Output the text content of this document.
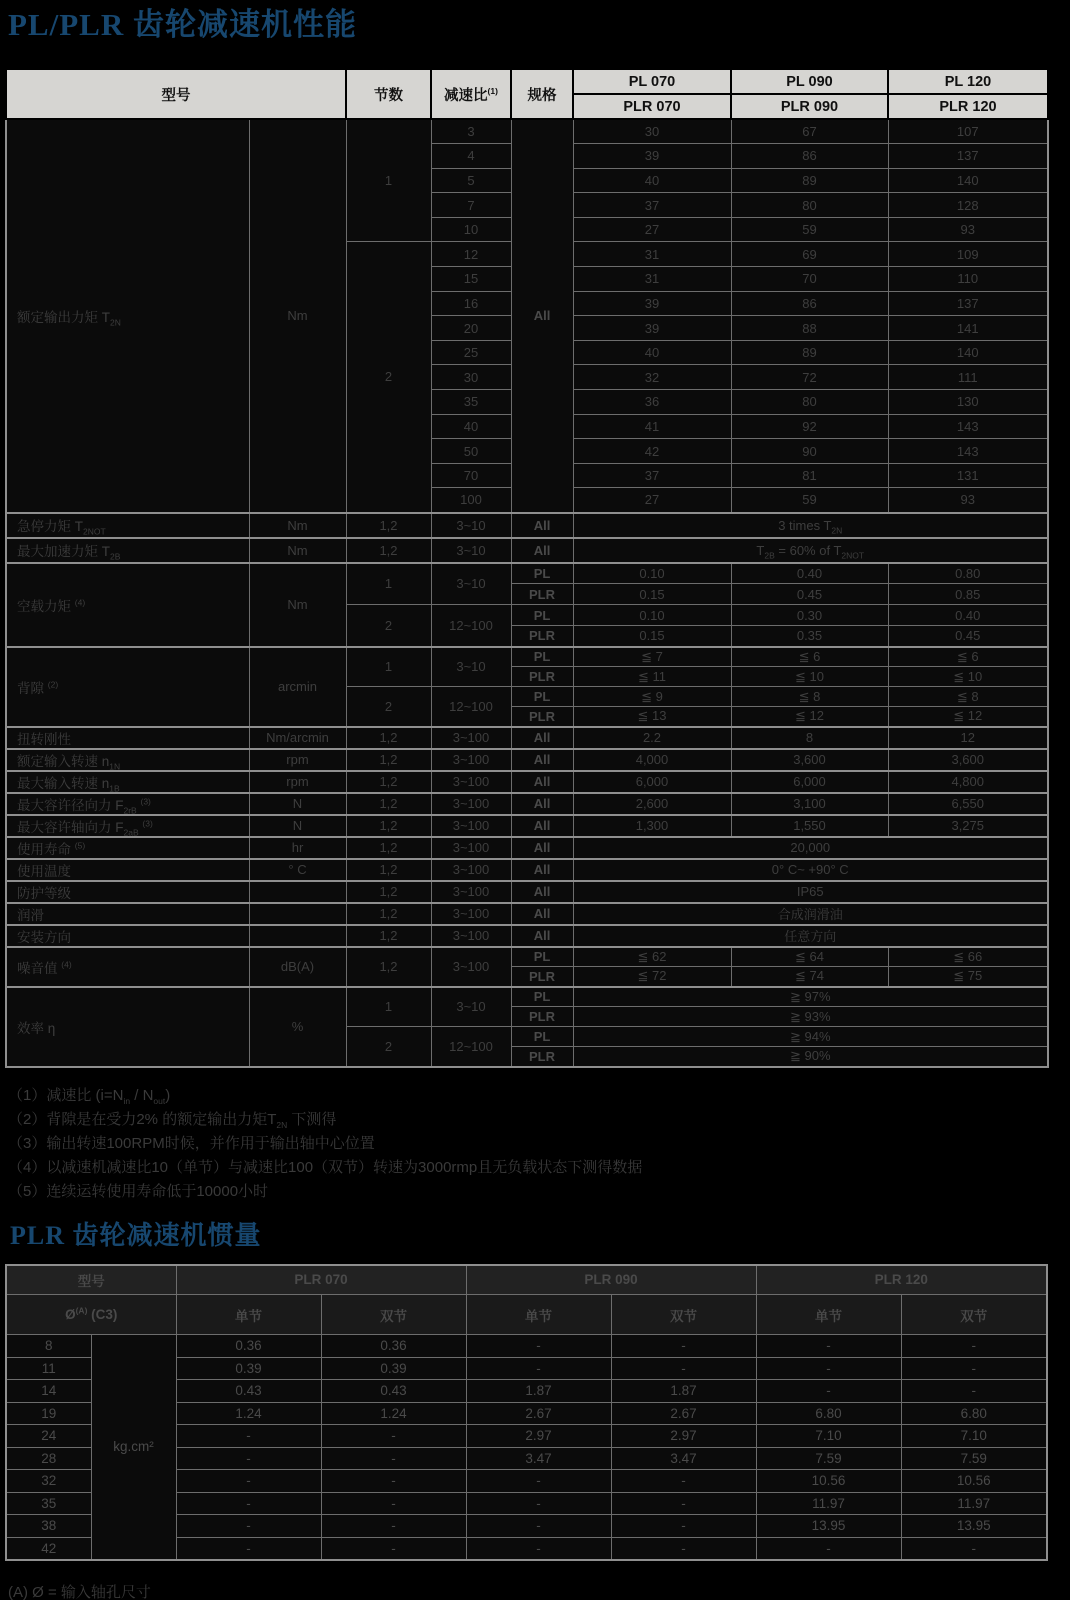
PL/PLR 齿轮减速机性能
型号		节数	减速比$^{(1)}$	规格	PL 070	PL 090	PL 120
					PLR 070	PLR 090	PLR 120
额定输出力矩 $T_{2N}$	Nm	1	3	All	30	67	107
			4		39	86	137
			5		40	89	140
			7		37	80	128
			10		27	59	93
		2	12		31	69	109
			15		31	70	110
			16		39	86	137
			20		39	88	141
			25		40	89	140
			30		32	72	111
			35		36	80	130
			40		41	92	143
			50		42	90	143
			70		37	81	131
			100		27	59	93
急停力矩 $T_{2NOT}$	Nm	1,2	3~10	All	3 times $T_{2N}$
最大加速力矩 $T_{2B}$	Nm	1,2	3~10	All	$T_{2B} = 60\%$ of $T_{2NOT}$
空载力矩 $^{(4)}$	Nm	1	3~10	PL	0.10	0.40	0.80
				PLR	0.15	0.45	0.85
		2	12~100	PL	0.10	0.30	0.40
				PLR	0.15	0.35	0.45
背隙 $^{(2)}$	arcmin	1	3~10	PL	≦ 7	≦ 6	≦ 6
				PLR	≦ 11	≦ 10	≦ 10
		2	12~100	PL	≦ 9	≦ 8	≦ 8
				PLR	≦ 13	≦ 12	≦ 12
扭转刚性	Nm/arcmin	1,2	3~100	All	2.2	8	12
额定输入转速 $n_{1N}$	rpm	1,2	3~100	All	4,000	3,600	3,600
最大输入转速 $n_{1B}$	rpm	1,2	3~100	All	6,000	6,000	4,800
最大容许径向力 $F_{2rB}$ $^{(3)}$	N	1,2	3~100	All	2,600	3,100	6,550
最大容许轴向力 $F_{2aB}$ $^{(3)}$	N	1,2	3~100	All	1,300	1,550	3,275
使用寿命 $^{(5)}$	hr	1,2	3~100	All	20,000		
使用温度	° C	1,2	3~100	All	0° C~ +90° C		
防护等级		1,2	3~100	All	IP65		
润滑		1,2	3~100	All	合成润滑油		
安装方向		1,2	3~100	All	任意方向		
噪音值 $^{(4)}$	dB(A)	1,2	3~100	PL	≦ 62	≦ 64	≦ 66
				PLR	≦ 72	≦ 74	≦ 75
效率 η	%	1	3~10	PL	≧ 97%		
				PLR	≧ 93%		
		2	12~100	PL	≧ 94%		
				PLR	≧ 90%		
（1）减速比 $(i=N_{in} / N_{out})$
（2）背隙是在受力2% 的额定输出力矩$T_{2N}$ 下测得
（3）输出转速100RPM时候，并作用于输出轴中心位置
（4）以减速机减速比10（单节）与减速比100（双节）转速为3000rmp且无负载状态下测得数据
（5）连续运转使用寿命低于10000小时
PLR 齿轮减速机惯量
型号		PLR 070		PLR 090		PLR 120	
$Ø^{(A)}$ (C3)		单节	双节	单节	双节	单节	双节
8	kg.cm²	0.36	0.36	-	-	-	-
11		0.39	0.39	-	-	-	-
14		0.43	0.43	1.87	1.87	-	-
19		1.24	1.24	2.67	2.67	6.80	6.80
24		-	-	2.97	2.97	7.10	7.10
28		-	-	3.47	3.47	7.59	7.59
32		-	-	-	-	10.56	10.56
35		-	-	-	-	11.97	11.97
38		-	-	-	-	13.95	13.95
42		-	-	-	-	-	-
(A) Ø = 输入轴孔尺寸
